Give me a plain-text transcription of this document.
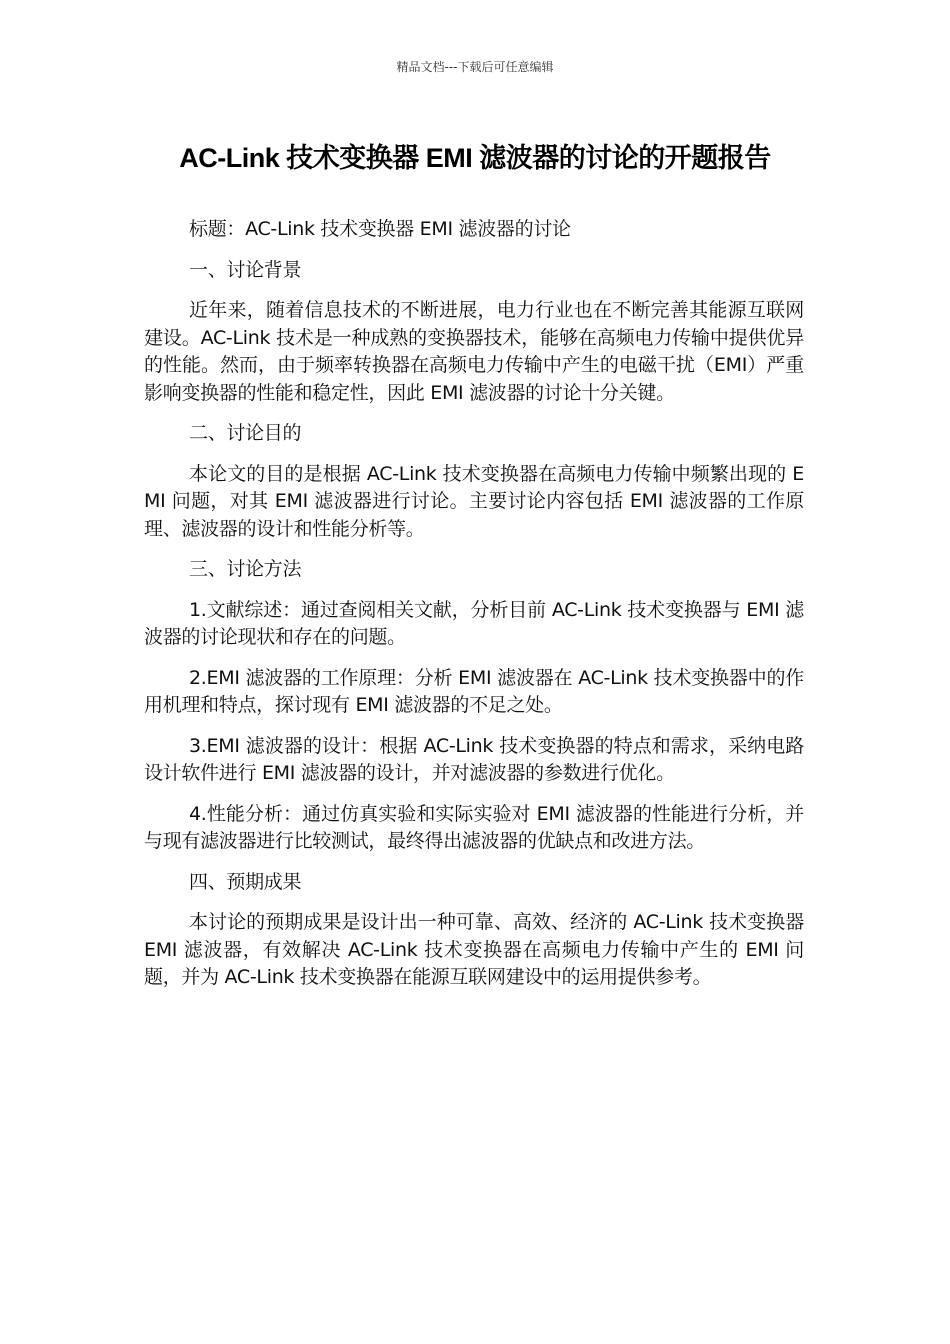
精品文档---下载后可任意编辑
AC-Link 技术变换器 EMI 滤波器的讨论的开题报告

标题：AC-Link 技术变换器 EMI 滤波器的讨论

一、讨论背景

近年来，随着信息技术的不断进展，电力行业也在不断完善其能源互联网建设。AC-Link 技术是一种成熟的变换器技术，能够在高频电力传输中提供优异的性能。然而，由于频率转换器在高频电力传输中产生的电磁干扰（EMI）严重影响变换器的性能和稳定性，因此 EMI 滤波器的讨论十分关键。

二、讨论目的

本论文的目的是根据 AC-Link 技术变换器在高频电力传输中频繁出现的 EMI 问题，对其 EMI 滤波器进行讨论。主要讨论内容包括 EMI 滤波器的工作原理、滤波器的设计和性能分析等。

三、讨论方法

1.文献综述：通过查阅相关文献，分析目前 AC-Link 技术变换器与 EMI 滤波器的讨论现状和存在的问题。

2.EMI 滤波器的工作原理：分析 EMI 滤波器在 AC-Link 技术变换器中的作用机理和特点，探讨现有 EMI 滤波器的不足之处。

3.EMI 滤波器的设计：根据 AC-Link 技术变换器的特点和需求，采纳电路设计软件进行 EMI 滤波器的设计，并对滤波器的参数进行优化。

4.性能分析：通过仿真实验和实际实验对 EMI 滤波器的性能进行分析，并与现有滤波器进行比较测试，最终得出滤波器的优缺点和改进方法。

四、预期成果

本讨论的预期成果是设计出一种可靠、高效、经济的 AC-Link 技术变换器 EMI 滤波器，有效解决 AC-Link 技术变换器在高频电力传输中产生的 EMI 问题，并为 AC-Link 技术变换器在能源互联网建设中的运用提供参考。
